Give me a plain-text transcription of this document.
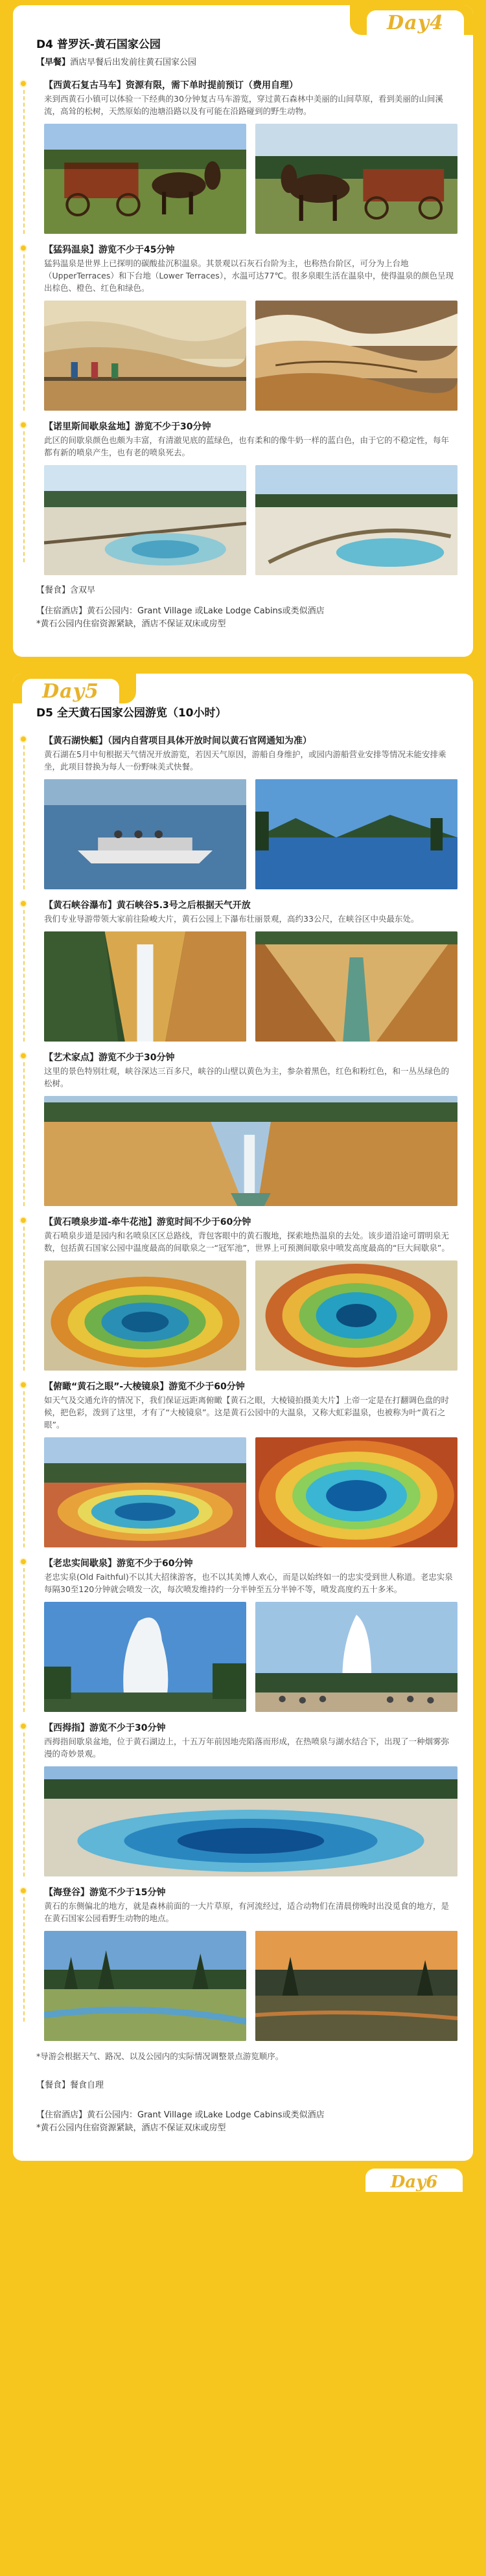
Day4
D4 普罗沃-黄石国家公园
【早餐】酒店早餐后出发前往黄石国家公园
【西黄石复古马车】资源有限，需下单时提前预订（费用自理）
来到西黄石小镇可以体验一下经典的30分钟复古马车游览，穿过黄石森林中美丽的山间草原，看到美丽的山间溪流，高耸的松树，天然原始的池塘沿路以及有可能在沿路碰到的野生动物。
【猛犸温泉】游览不少于45分钟
猛犸温泉是世界上已探明的碳酸盐沉积温泉。其景观以石灰石台阶为主，也称热台阶区，可分为上台地（UpperTerraces）和下台地（Lower Terraces），水温可达77℃。很多泉眼生活在温泉中，使得温泉的颜色呈现出棕色、橙色、红色和绿色。
【诺里斯间歇泉盆地】游览不少于30分钟
此区的间歇泉颜色也颇为丰富，有清澈见底的蓝绿色，也有柔和的像牛奶一样的蓝白色，由于它的不稳定性，每年都有新的喷泉产生，也有老的喷泉死去。
【餐食】含双早
【住宿酒店】黄石公园内：Grant Village 或Lake Lodge Cabins或类似酒店
*黄石公园内住宿资源紧缺，酒店不保证双床或房型
Day5
D5 全天黄石国家公园游览（10小时）
【黄石湖快艇】（园内自营项目具体开放时间以黄石官网通知为准）
黄石湖在5月中旬根据天气情况开放游览，若因天气原因，游船自身维护，或园内游船营业安排等情况未能安排乘坐，此项目替换为每人一份野味美式快餐。
【黄石峡谷瀑布】黄石峡谷5.3号之后根据天气开放
我们专业导游带领大家前往险峻大片，黄石公园上下瀑布壮丽景观，高约33公尺，在峡谷区中央最东处。
【艺术家点】游览不少于30分钟
这里的景色特别壮观，峡谷深达三百多尺，峡谷的山壁以黄色为主，参杂着黑色，红色和粉红色，和一丛丛绿色的松树。
【黄石喷泉步道-牵牛花池】游览时间不少于60分钟
黄石喷泉步道是园内和名喷泉区区总路线，背包客眼中的黄石腹地，探索地热温泉的去处。该步道沿途可谓明泉无数，包括黄石国家公园中温度最高的间歇泉之一“冠军池”，世界上可预测间歇泉中喷发高度最高的“巨大间歇泉”。
【俯瞰“黄石之眼”-大棱镜泉】游览不少于60分钟
如天气及交通允许的情况下，我们保证远距离俯瞰【黄石之眼，大棱镜拍摄美大片】上帝一定是在打翻调色盘的时候，把色彩，泼到了这里，才有了“大棱镜泉”。这是黄石公园中的大温泉，又称大虹彩温泉，也被称为叶“黄石之眼”。
【老忠实间歇泉】游览不少于60分钟
老忠实泉(Old Faithful)不以其大招徕游客，也不以其美博人欢心，而是以始终如一的忠实受到世人称道。老忠实泉每隔30至120分钟就会喷发一次，每次喷发维持约一分半钟至五分半钟不等，喷发高度约五十多米。
【西拇指】游览不少于30分钟
西拇指间歇泉盆地，位于黄石湖边上，十五万年前因地壳陷落而形成，在热喷泉与湖水结合下，出现了一种烟雾弥漫的奇妙景观。
【海登谷】游览不少于15分钟
黄石的东侧偏北的地方，就是森林前面的一大片草原，有河流经过，适合动物们在清晨傍晚时出没觅食的地方，是在黄石国家公园看野生动物的地点。
*导游会根据天气、路况、以及公园内的实际情况调整景点游览顺序。
【餐食】餐食自理
【住宿酒店】黄石公园内：Grant Village 或Lake Lodge Cabins或类似酒店
*黄石公园内住宿资源紧缺，酒店不保证双床或房型
Day6
